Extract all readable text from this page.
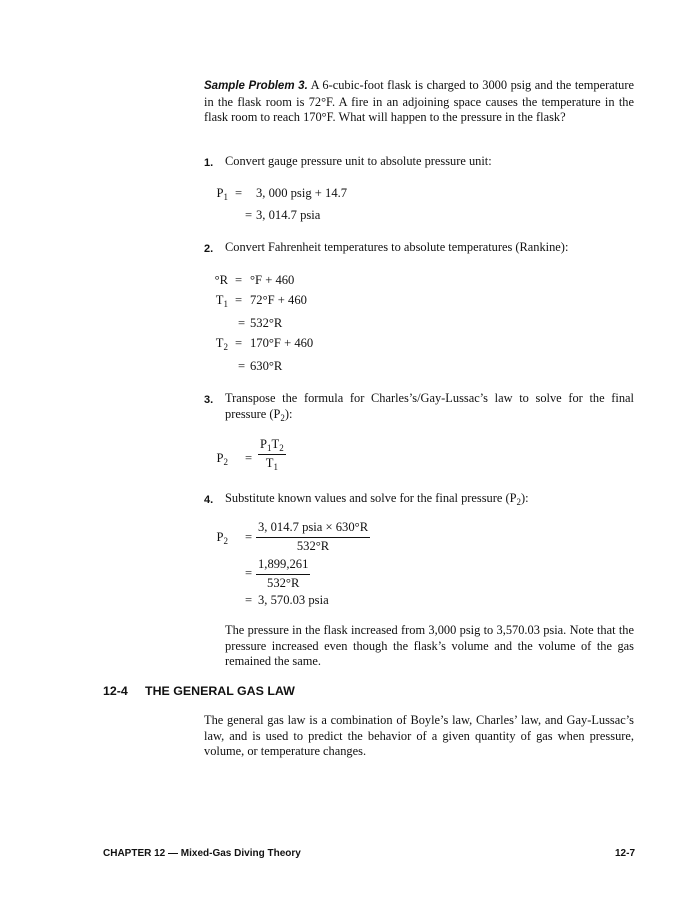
Sample Problem 3. A 6-cubic-foot flask is charged to 3000 psig and the temperature in the flask room is 72°F. A fire in an adjoining space causes the temperature in the flask room to reach 170°F. What will happen to the pressure in the flask?
1. Convert gauge pressure unit to absolute pressure unit:
$P_1 = 3$, 000 psig + 14.7
= 3, 014.7 psia
2. Convert Fahrenheit temperatures to absolute temperatures (Rankine):
°R = °F + 460
$T_1 = 72^\circ F + 460$
= 532°R
$T_2 = 170^\circ F + 460$
= 630°R
3. Transpose the formula for Charles’s/Gay-Lussac’s law to solve for the final pressure $(P_2)$:
$P_2 = \frac{P_1T_2}{T_1}$
4. Substitute known values and solve for the final pressure $(P_2)$:
$P_2$ =
3, 014.7 psia × 630°R
532°R
= $\frac{1,899,261}{532^\circ R}$
= 3, 570.03 psia
The pressure in the flask increased from 3,000 psig to 3,570.03 psia. Note that the pressure increased even though the flask’s volume and the volume of the gas remained the same.
12-4 THE GENERAL GAS LAW
The general gas law is a combination of Boyle’s law, Charles’ law, and Gay-Lussac’s law, and is used to predict the behavior of a given quantity of gas when pressure, volume, or temperature changes.
CHAPTER 12 — Mixed-Gas Diving Theory	12-7
